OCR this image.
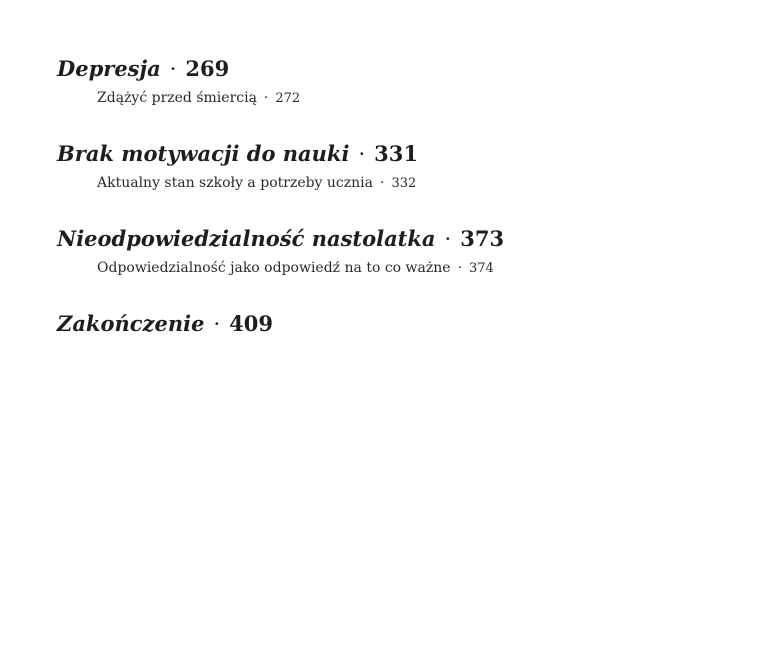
Depresja · 269
Zdążyć przed śmiercią · 272
Brak motywacji do nauki · 331
Aktualny stan szkoły a potrzeby ucznia · 332
Nieodpowiedzialność nastolatka · 373
Odpowiedzialność jako odpowiedź na to co ważne · 374
Zakończenie · 409
